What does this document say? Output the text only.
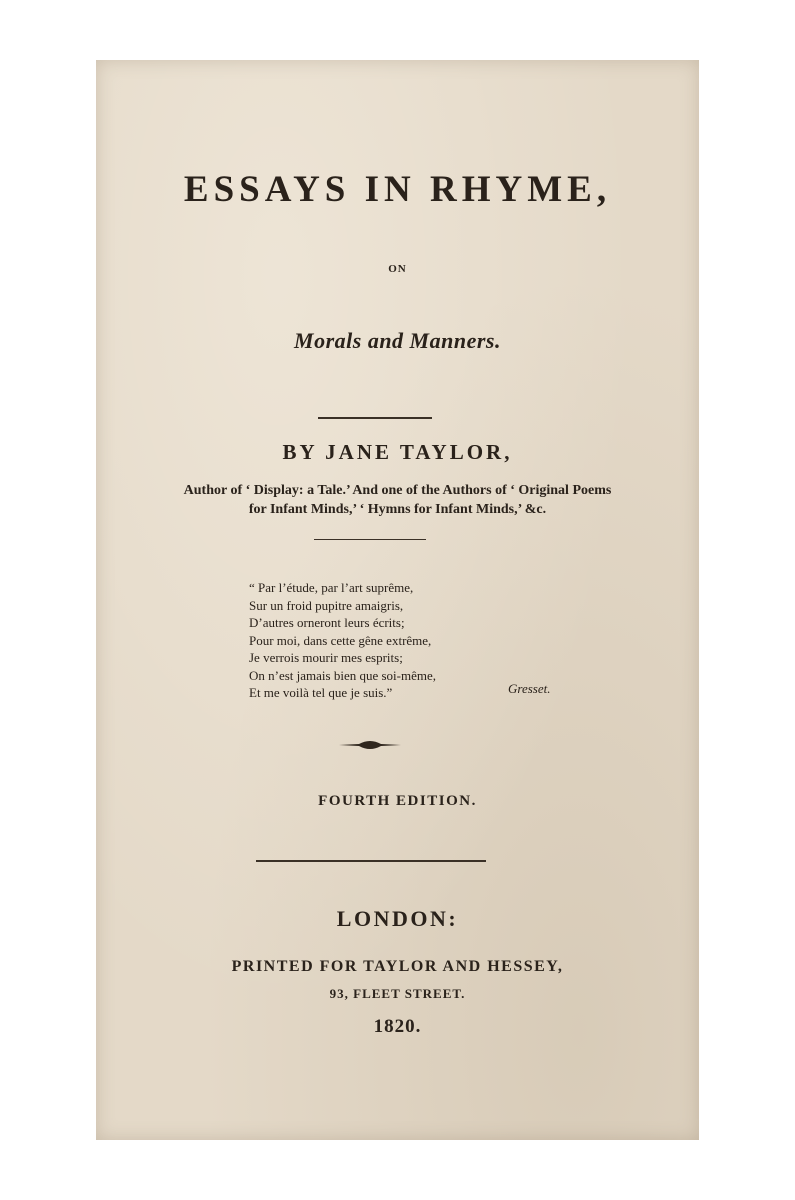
ESSAYS IN RHYME,
ON
Morals and Manners.
BY JANE TAYLOR,
Author of ‘ Display: a Tale.’ And one of the Authors of ‘ Original Poems
for Infant Minds,’ ‘ Hymns for Infant Minds,’ &c.
“ Par l’étude, par l’art suprême,
Sur un froid pupitre amaigris,
D’autres orneront leurs écrits;
Pour moi, dans cette gêne extrême,
Je verrois mourir mes esprits;
On n’est jamais bien que soi-même,
Et me voilà tel que je suis.”	Gresset.
FOURTH EDITION.
LONDON:
PRINTED FOR TAYLOR AND HESSEY,
93, FLEET STREET.
1820.
